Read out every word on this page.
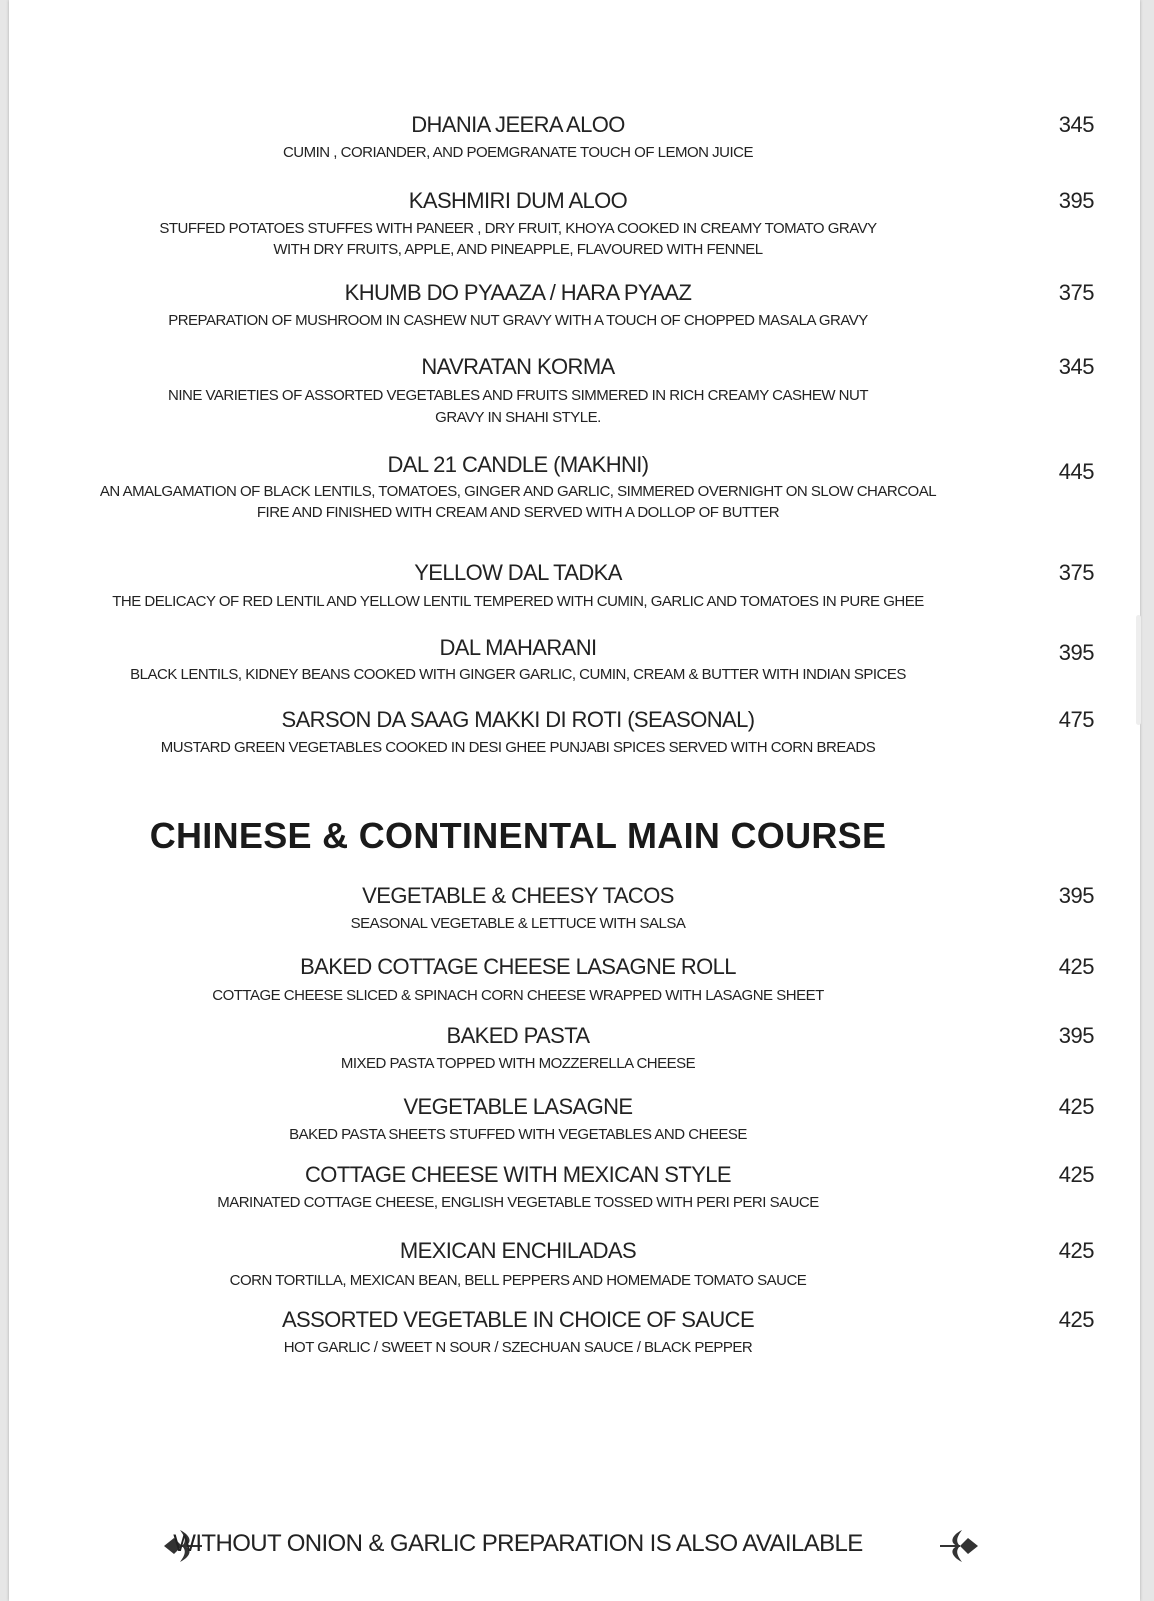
CHINESE & CONTINENTAL MAIN COURSE
WITHOUT ONION & GARLIC PREPARATION IS ALSO AVAILABLE
DHANIA JEERA ALOO	345
CUMIN , CORIANDER, AND POEMGRANATE TOUCH OF LEMON JUICE
KASHMIRI DUM ALOO	395
STUFFED POTATOES STUFFES WITH PANEER , DRY FRUIT, KHOYA COOKED IN CREAMY TOMATO GRAVY
WITH DRY FRUITS, APPLE, AND PINEAPPLE, FLAVOURED WITH FENNEL
KHUMB DO PYAAZA / HARA PYAAZ	375
PREPARATION OF MUSHROOM IN CASHEW NUT GRAVY WITH A TOUCH OF CHOPPED MASALA GRAVY
NAVRATAN KORMA	345
NINE VARIETIES OF ASSORTED VEGETABLES AND FRUITS SIMMERED IN RICH CREAMY CASHEW NUT
GRAVY IN SHAHI STYLE.
DAL 21 CANDLE (MAKHNI)	445
AN AMALGAMATION OF BLACK LENTILS, TOMATOES, GINGER AND GARLIC, SIMMERED OVERNIGHT ON SLOW CHARCOAL
FIRE AND FINISHED WITH CREAM AND SERVED WITH A DOLLOP OF BUTTER
YELLOW DAL TADKA	375
THE DELICACY OF RED LENTIL AND YELLOW LENTIL TEMPERED WITH CUMIN, GARLIC AND TOMATOES IN PURE GHEE
DAL MAHARANI	395
BLACK LENTILS, KIDNEY BEANS COOKED WITH GINGER GARLIC, CUMIN, CREAM & BUTTER WITH INDIAN SPICES
SARSON DA SAAG MAKKI DI ROTI (SEASONAL)	475
MUSTARD GREEN VEGETABLES COOKED IN DESI GHEE PUNJABI SPICES SERVED WITH CORN BREADS
VEGETABLE & CHEESY TACOS	395
SEASONAL VEGETABLE & LETTUCE WITH SALSA
BAKED COTTAGE CHEESE LASAGNE ROLL	425
COTTAGE CHEESE SLICED & SPINACH CORN CHEESE WRAPPED WITH LASAGNE SHEET
BAKED PASTA	395
MIXED PASTA TOPPED WITH MOZZERELLA CHEESE
VEGETABLE LASAGNE	425
BAKED PASTA SHEETS STUFFED WITH VEGETABLES AND CHEESE
COTTAGE CHEESE WITH MEXICAN STYLE	425
MARINATED COTTAGE CHEESE, ENGLISH VEGETABLE TOSSED WITH PERI PERI SAUCE
MEXICAN ENCHILADAS	425
CORN TORTILLA, MEXICAN BEAN, BELL PEPPERS AND HOMEMADE TOMATO SAUCE
ASSORTED VEGETABLE IN CHOICE OF SAUCE	425
HOT GARLIC / SWEET N SOUR / SZECHUAN SAUCE / BLACK PEPPER
